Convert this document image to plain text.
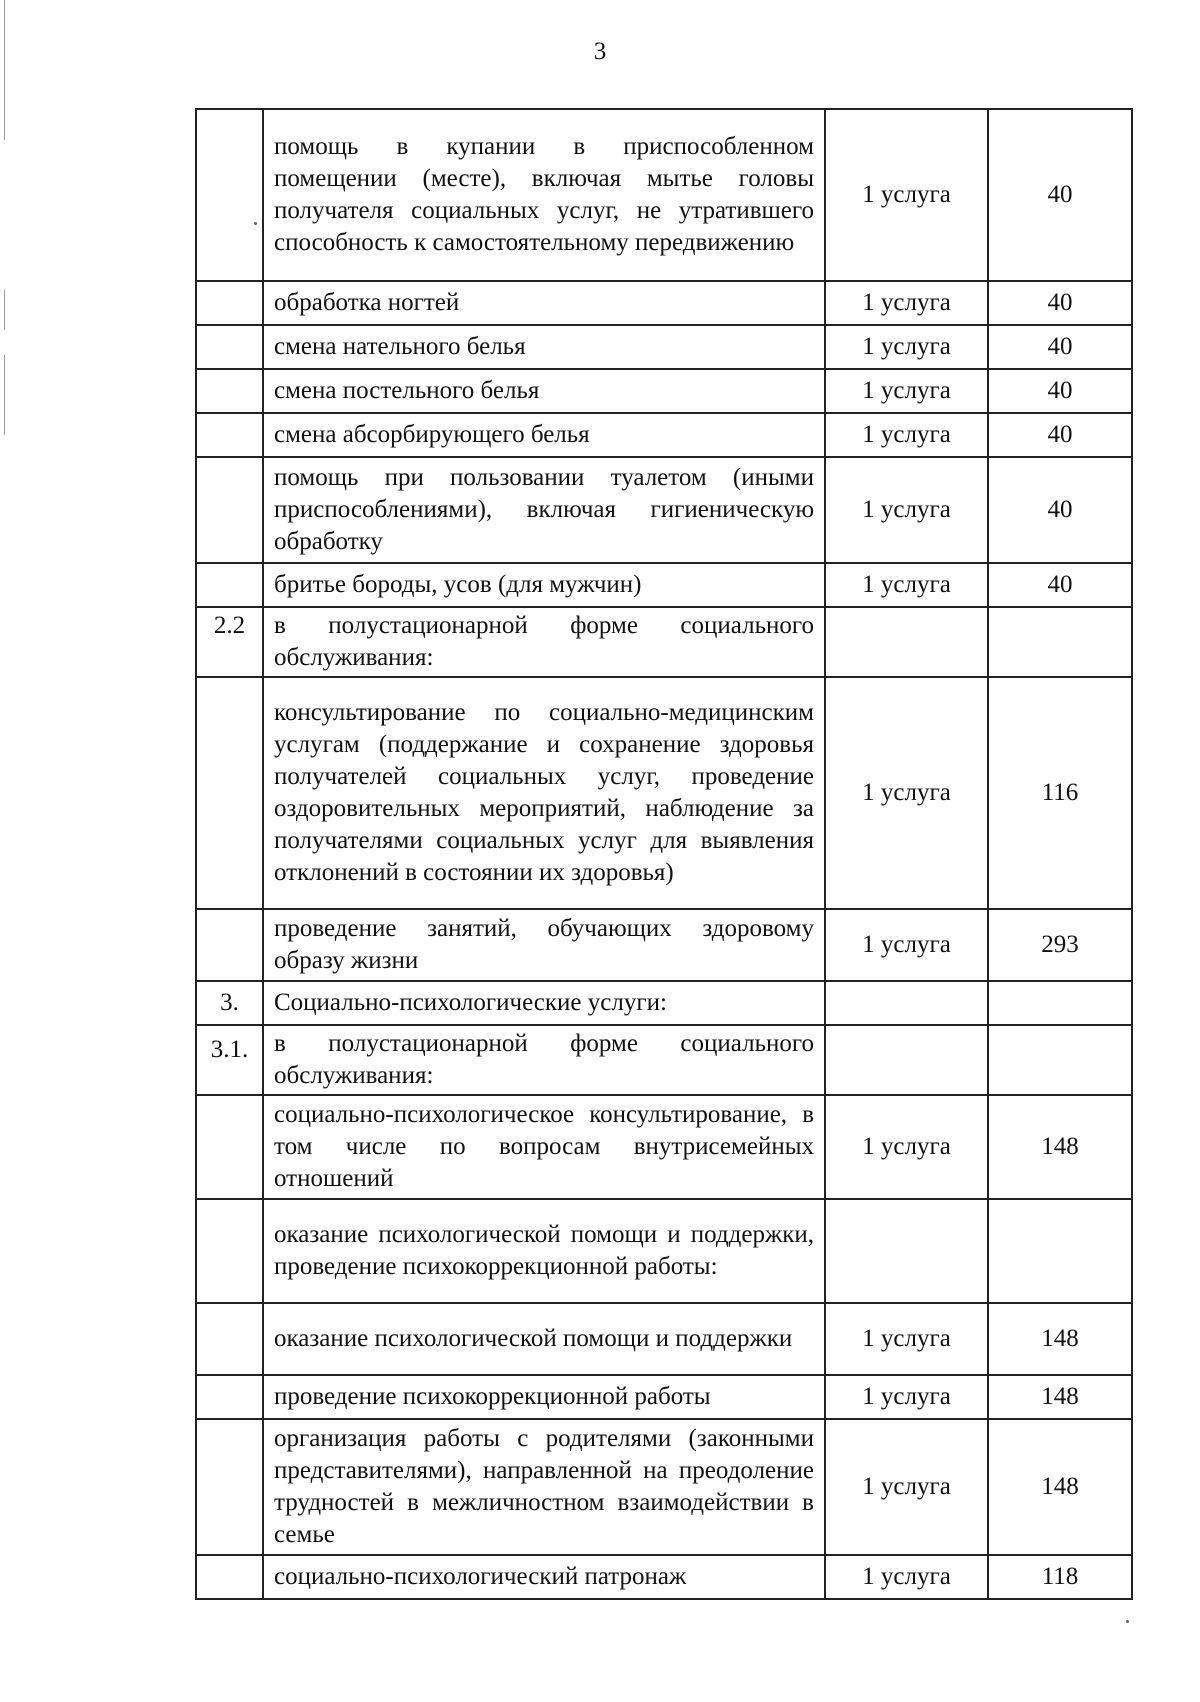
3
	помощь в купании в приспособленном помещении (месте), включая мытье головы получателя социальных услуг, не утратившего способность к самостоятельному передвижению	1 услуга	40
	обработка ногтей	1 услуга	40
	смена нательного белья	1 услуга	40
	смена постельного белья	1 услуга	40
	смена абсорбирующего белья	1 услуга	40
	помощь при пользовании туалетом (иными приспособлениями), включая гигиеническую обработку	1 услуга	40
	бритье бороды, усов (для мужчин)	1 услуга	40
2.2	в полустационарной форме социального обслуживания:		
	консультирование по социально-медицинским услугам (поддержание и сохранение здоровья получателей социальных услуг, проведение оздоровительных мероприятий, наблюдение за получателями социальных услуг для выявления отклонений в состоянии их здоровья)	1 услуга	116
	проведение занятий, обучающих здоровому образу жизни	1 услуга	293
3.	Социально-психологические услуги:		
3.1.	в полустационарной форме социального обслуживания:		
	социально-психологическое консультирование, в том числе по вопросам внутрисемейных отношений	1 услуга	148
	оказание психологической помощи и поддержки, проведение психокоррекционной работы:		
	оказание психологической помощи и поддержки	1 услуга	148
	проведение психокоррекционной работы	1 услуга	148
	организация работы с родителями (законными представителями), направленной на преодоление трудностей в межличностном взаимодействии в семье	1 услуга	148
	социально-психологический патронаж	1 услуга	118
